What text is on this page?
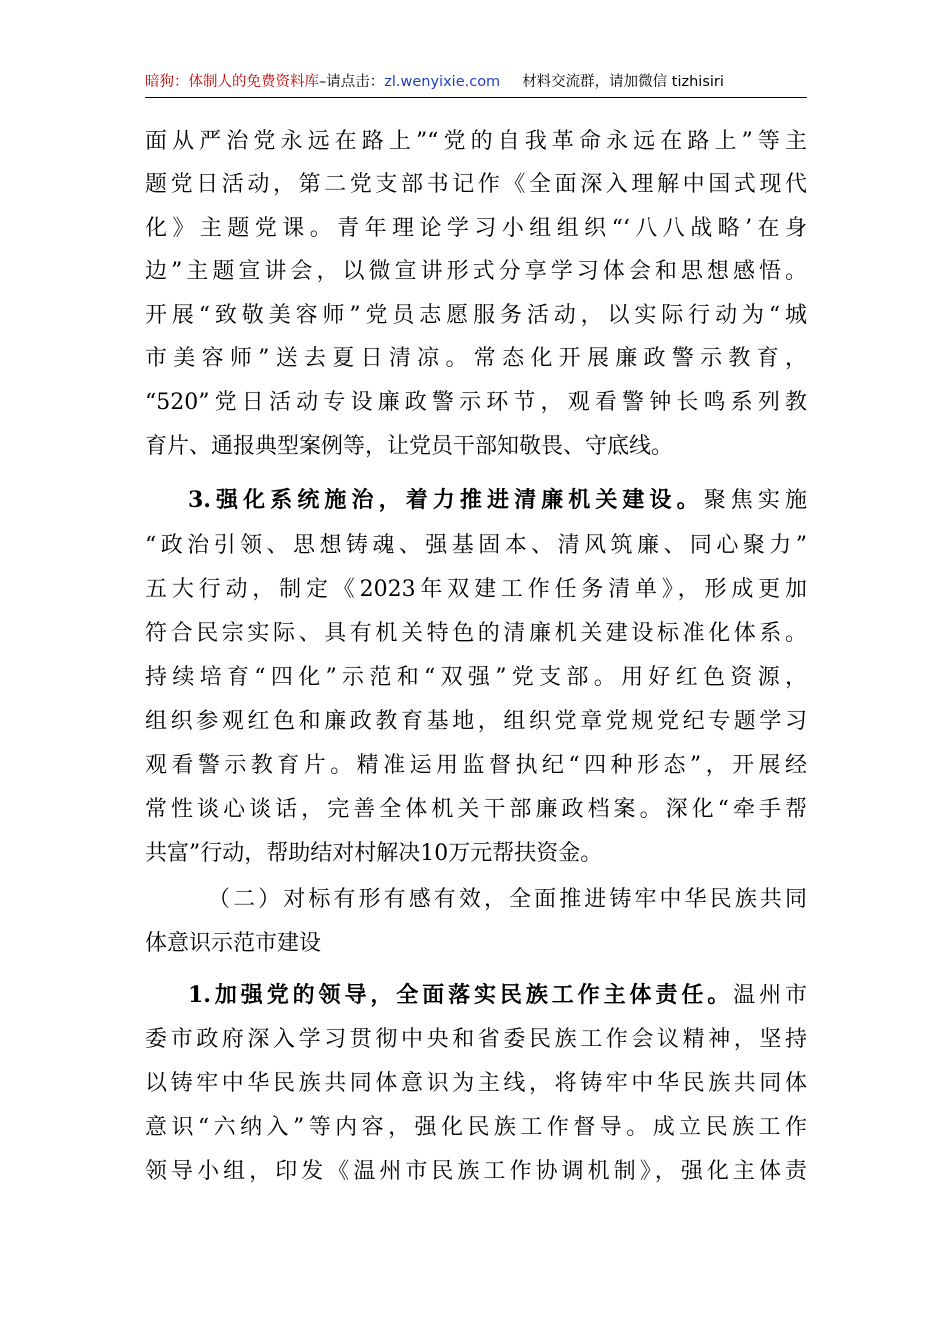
暗狗：体制人的免费资料库–请点击：zl.wenyixie.com 材料交流群，请加微信 tizhisiri
面从严治党永远在路上”“党的自我革命永远在路上”等主
题党日活动，第二党支部书记作《全面深入理解中国式现代
化》主题党课。青年理论学习小组组织“‘八八战略’在身
边”主题宣讲会，以微宣讲形式分享学习体会和思想感悟。
开展“致敬美容师”党员志愿服务活动，以实际行动为“城
市美容师”送去夏日清凉。常态化开展廉政警示教育，
“520”党日活动专设廉政警示环节，观看警钟长鸣系列教
育片、通报典型案例等，让党员干部知敬畏、守底线。
3.强化系统施治，着力推进清廉机关建设。聚焦实施
“政治引领、思想铸魂、强基固本、清风筑廉、同心聚力”
五大行动，制定《2023年双建工作任务清单》，形成更加
符合民宗实际、具有机关特色的清廉机关建设标准化体系。
持续培育“四化”示范和“双强”党支部。用好红色资源，
组织参观红色和廉政教育基地，组织党章党规党纪专题学习
观看警示教育片。精准运用监督执纪“四种形态”，开展经
常性谈心谈话，完善全体机关干部廉政档案。深化“牵手帮
共富”行动，帮助结对村解决10万元帮扶资金。
（二）对标有形有感有效，全面推进铸牢中华民族共同
体意识示范市建设
1.加强党的领导，全面落实民族工作主体责任。温州市
委市政府深入学习贯彻中央和省委民族工作会议精神，坚持
以铸牢中华民族共同体意识为主线，将铸牢中华民族共同体
意识“六纳入”等内容，强化民族工作督导。成立民族工作
领导小组，印发《温州市民族工作协调机制》，强化主体责
